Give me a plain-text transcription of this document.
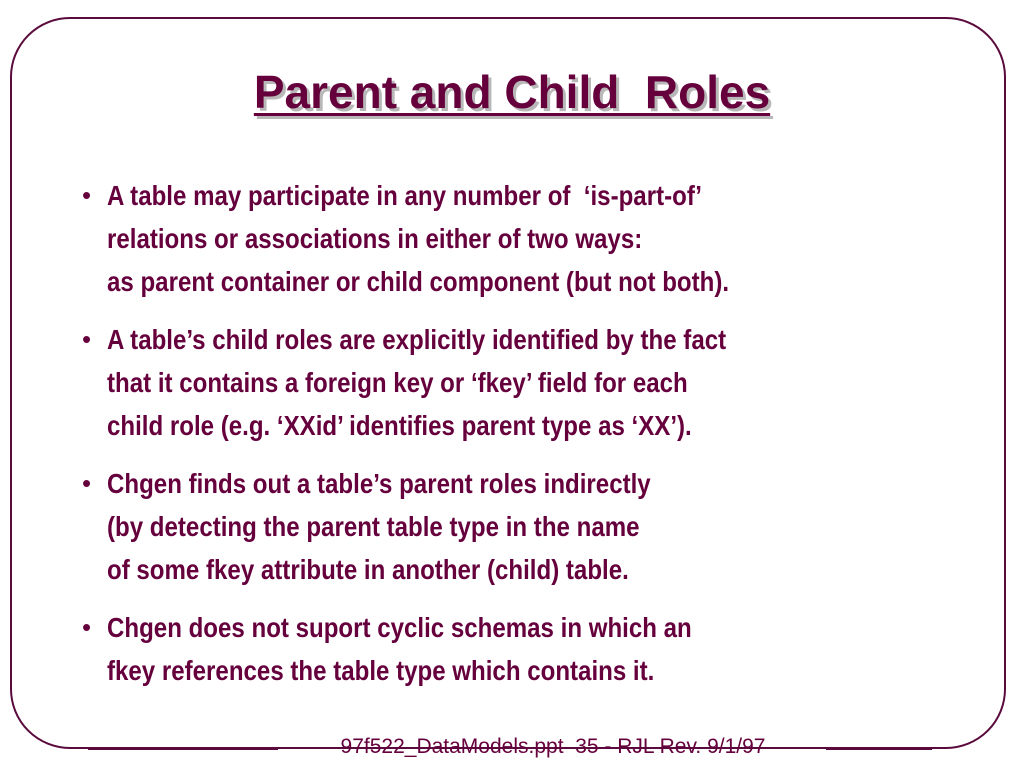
Parent and Child  Roles
• A table may participate in any number of  ‘is-part-of’
relations or associations in either of two ways:
as parent container or child component (but not both).
• A table’s child roles are explicitly identified by the fact
that it contains a foreign key or ‘fkey’ field for each
child role (e.g. ‘XXid’ identifies parent type as ‘XX’).
• Chgen finds out a table’s parent roles indirectly
(by detecting the parent table type in the name
of some fkey attribute in another (child) table.
• Chgen does not suport cyclic schemas in which an
fkey references the table type which contains it.
97f522_DataModels.ppt  35 - RJL Rev. 9/1/97
